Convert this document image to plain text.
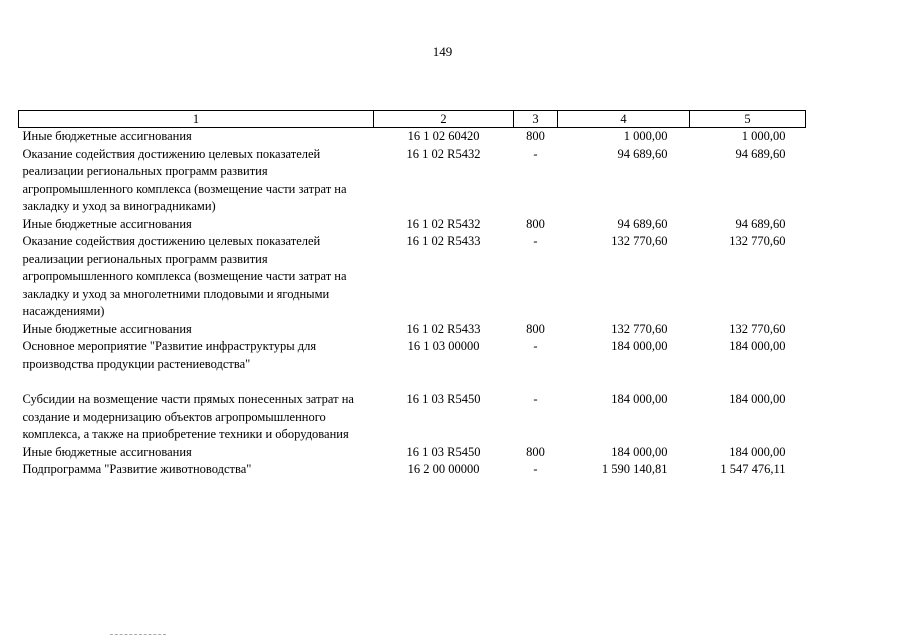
149
1	2	3	4	5
Иные бюджетные ассигнования	16 1 02 60420	800	1 000,00	1 000,00
Оказание содействия достижению целевых показателей реализации региональных программ развития агропромышленного комплекса (возмещение части затрат на закладку и уход за виноградниками)	16 1 02 R5432	-	94 689,60	94 689,60
Иные бюджетные ассигнования	16 1 02 R5432	800	94 689,60	94 689,60
Оказание содействия достижению целевых показателей реализации региональных программ развития агропромышленного комплекса (возмещение части затрат на закладку и уход за многолетними плодовыми и ягодными насаждениями)	16 1 02 R5433	-	132 770,60	132 770,60
Иные бюджетные ассигнования	16 1 02 R5433	800	132 770,60	132 770,60
Основное мероприятие "Развитие инфраструктуры для производства продукции растениеводства"	16 1 03 00000	-	184 000,00	184 000,00
Субсидии на возмещение части прямых понесенных затрат на создание и модернизацию объектов агропромышленного комплекса, а также на приобретение техники и оборудования	16 1 03 R5450	-	184 000,00	184 000,00
Иные бюджетные ассигнования	16 1 03 R5450	800	184 000,00	184 000,00
Подпрограмма "Развитие животноводства"	16 2 00 00000	-	1 590 140,81	1 547 476,11
